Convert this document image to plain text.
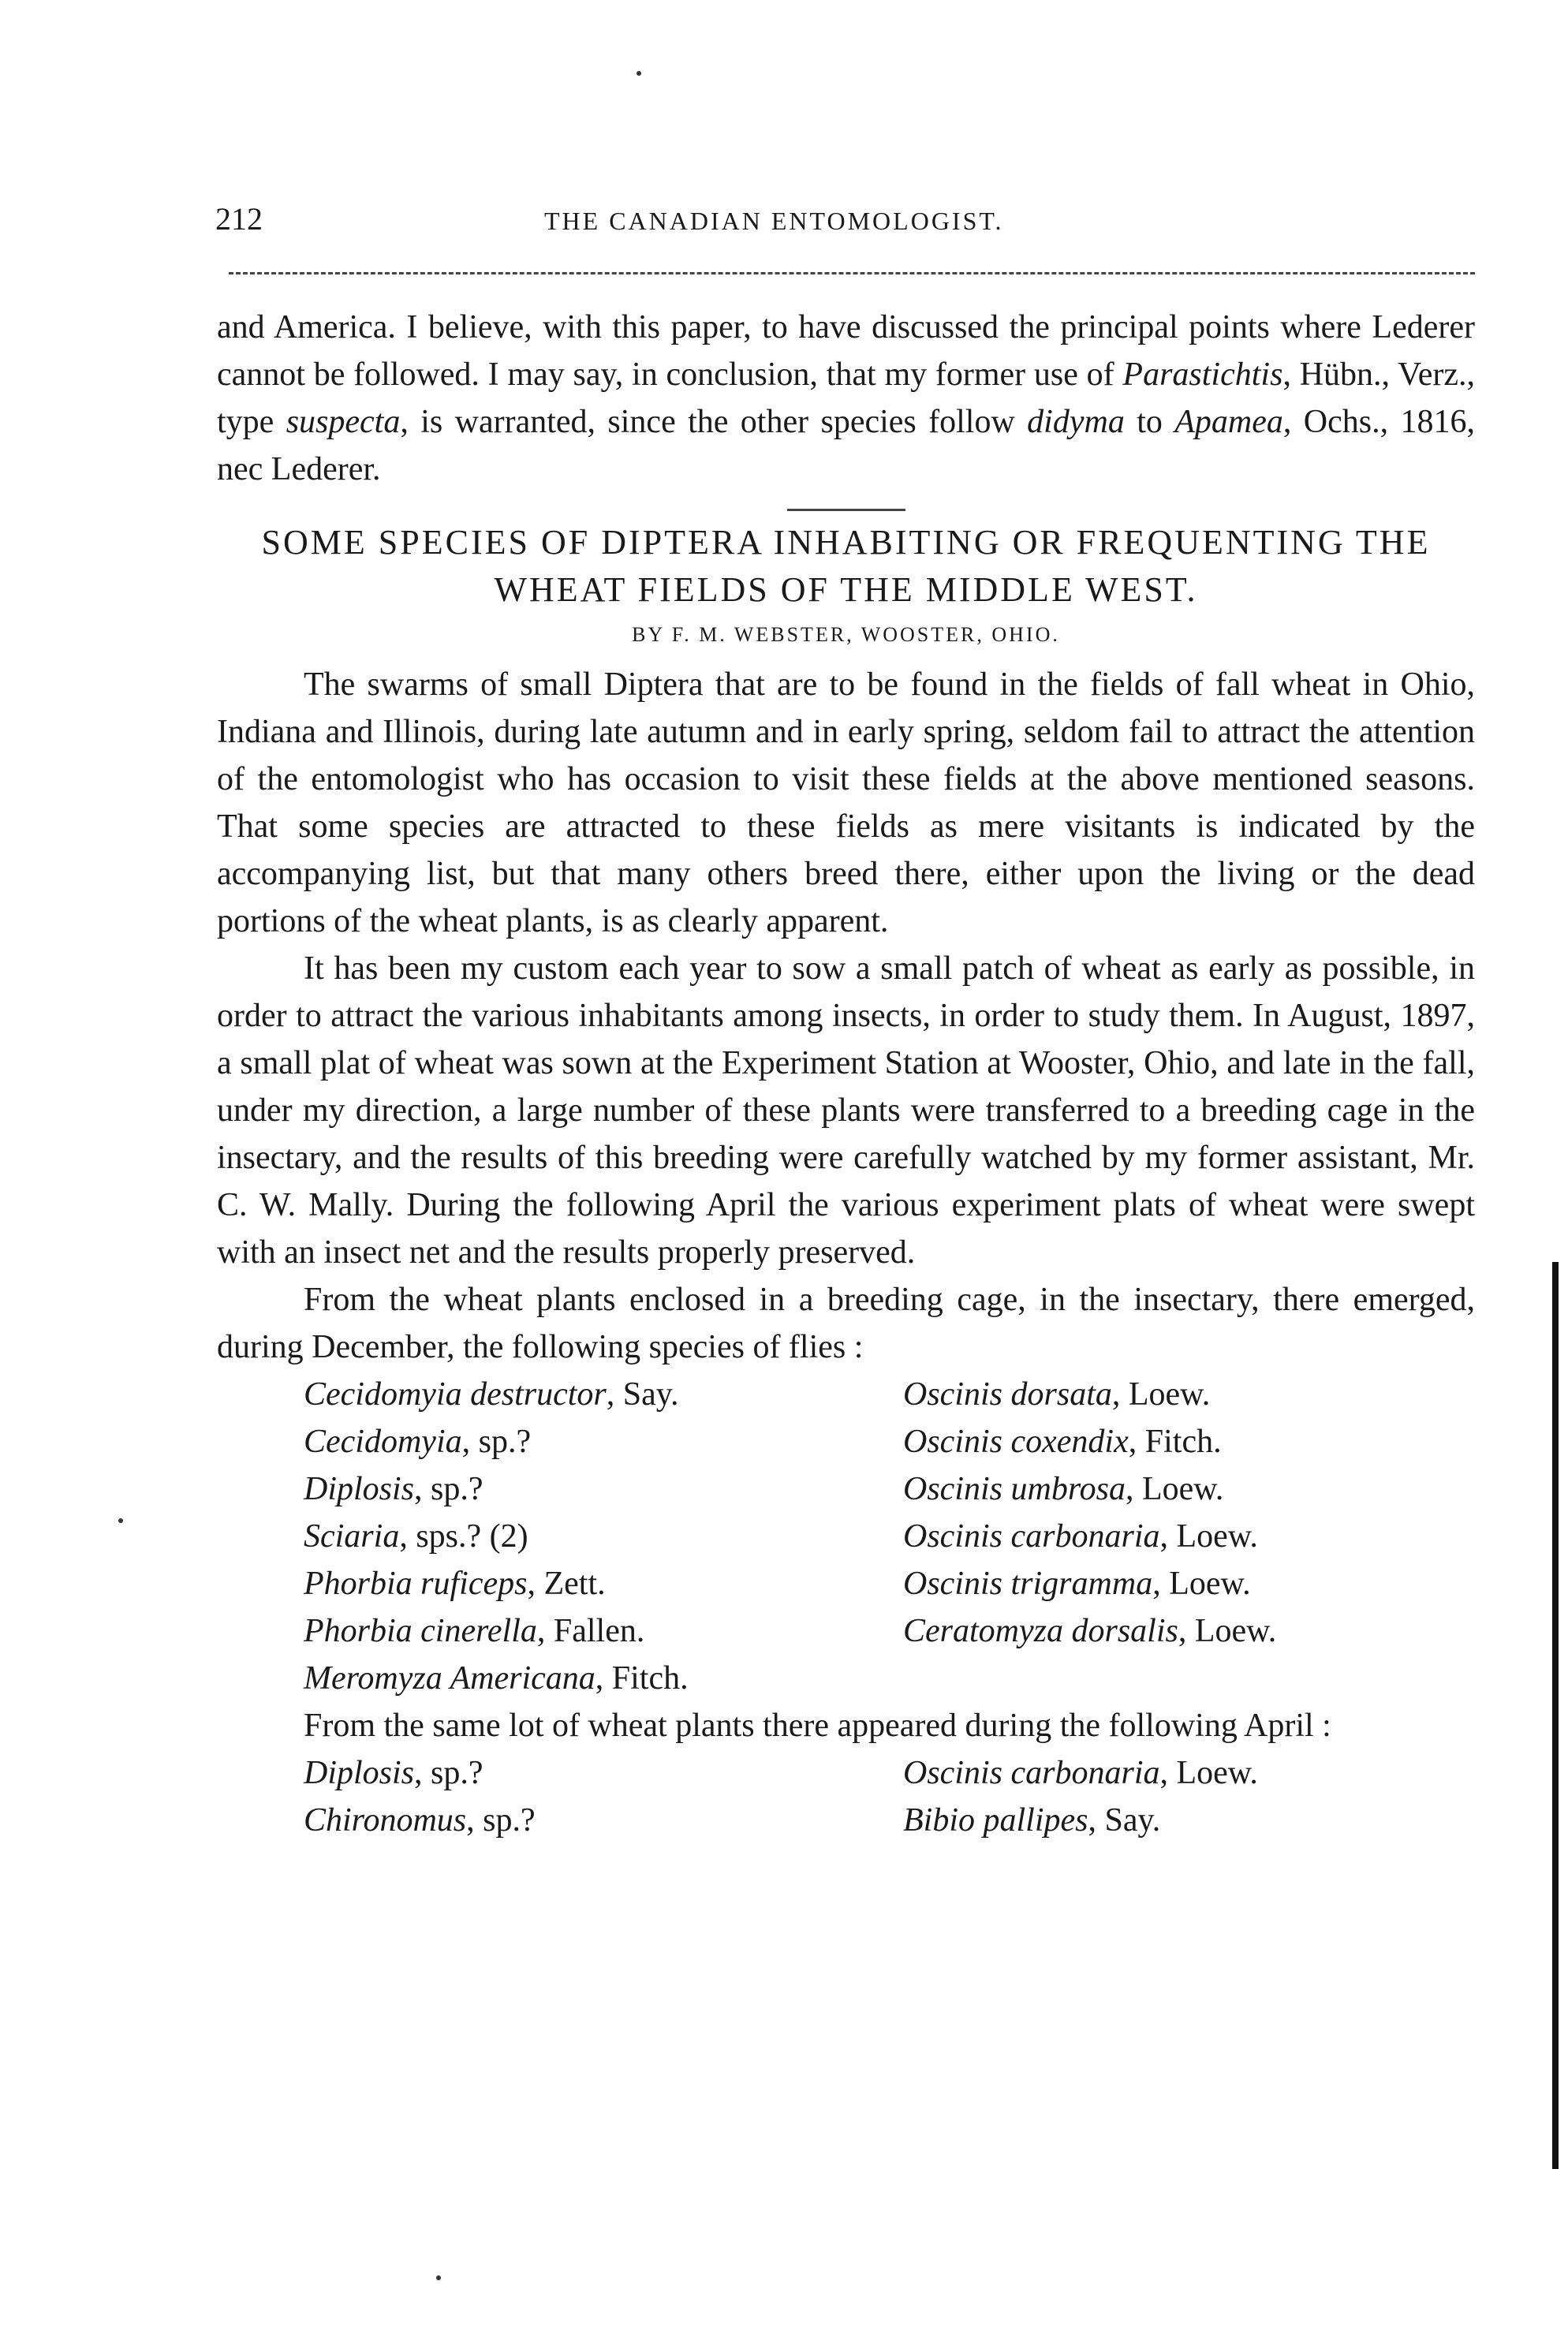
212	THE CANADIAN ENTOMOLOGIST.

and America. I believe, with this paper, to have discussed the principal points where Lederer cannot be followed. I may say, in conclusion, that my former use of Parastichtis, Hübn., Verz., type suspecta, is warranted, since the other species follow didyma to Apamea, Ochs., 1816, nec Lederer.

SOME SPECIES OF DIPTERA INHABITING OR FREQUENTING THE WHEAT FIELDS OF THE MIDDLE WEST.
BY F. M. WEBSTER, WOOSTER, OHIO.

The swarms of small Diptera that are to be found in the fields of fall wheat in Ohio, Indiana and Illinois, during late autumn and in early spring, seldom fail to attract the attention of the entomologist who has occasion to visit these fields at the above mentioned seasons. That some species are attracted to these fields as mere visitants is indicated by the accompanying list, but that many others breed there, either upon the living or the dead portions of the wheat plants, is as clearly apparent.

It has been my custom each year to sow a small patch of wheat as early as possible, in order to attract the various inhabitants among insects, in order to study them. In August, 1897, a small plat of wheat was sown at the Experiment Station at Wooster, Ohio, and late in the fall, under my direction, a large number of these plants were transferred to a breeding cage in the insectary, and the results of this breeding were carefully watched by my former assistant, Mr. C. W. Mally. During the following April the various experiment plats of wheat were swept with an insect net and the results properly preserved.

From the wheat plants enclosed in a breeding cage, in the insectary, there emerged, during December, the following species of flies :

Cecidomyia destructor, Say.	Oscinis dorsata, Loew.
Cecidomyia, sp.?	Oscinis coxendix, Fitch.
Diplosis, sp.?	Oscinis umbrosa, Loew.
Sciaria, sps.? (2)	Oscinis carbonaria, Loew.
Phorbia ruficeps, Zett.	Oscinis trigramma, Loew.
Phorbia cinerella, Fallen.	Ceratomyza dorsalis, Loew.
Meromyza Americana, Fitch.

From the same lot of wheat plants there appeared during the following April :

Diplosis, sp.?	Oscinis carbonaria, Loew.
Chironomus, sp.?	Bibio pallipes, Say.
